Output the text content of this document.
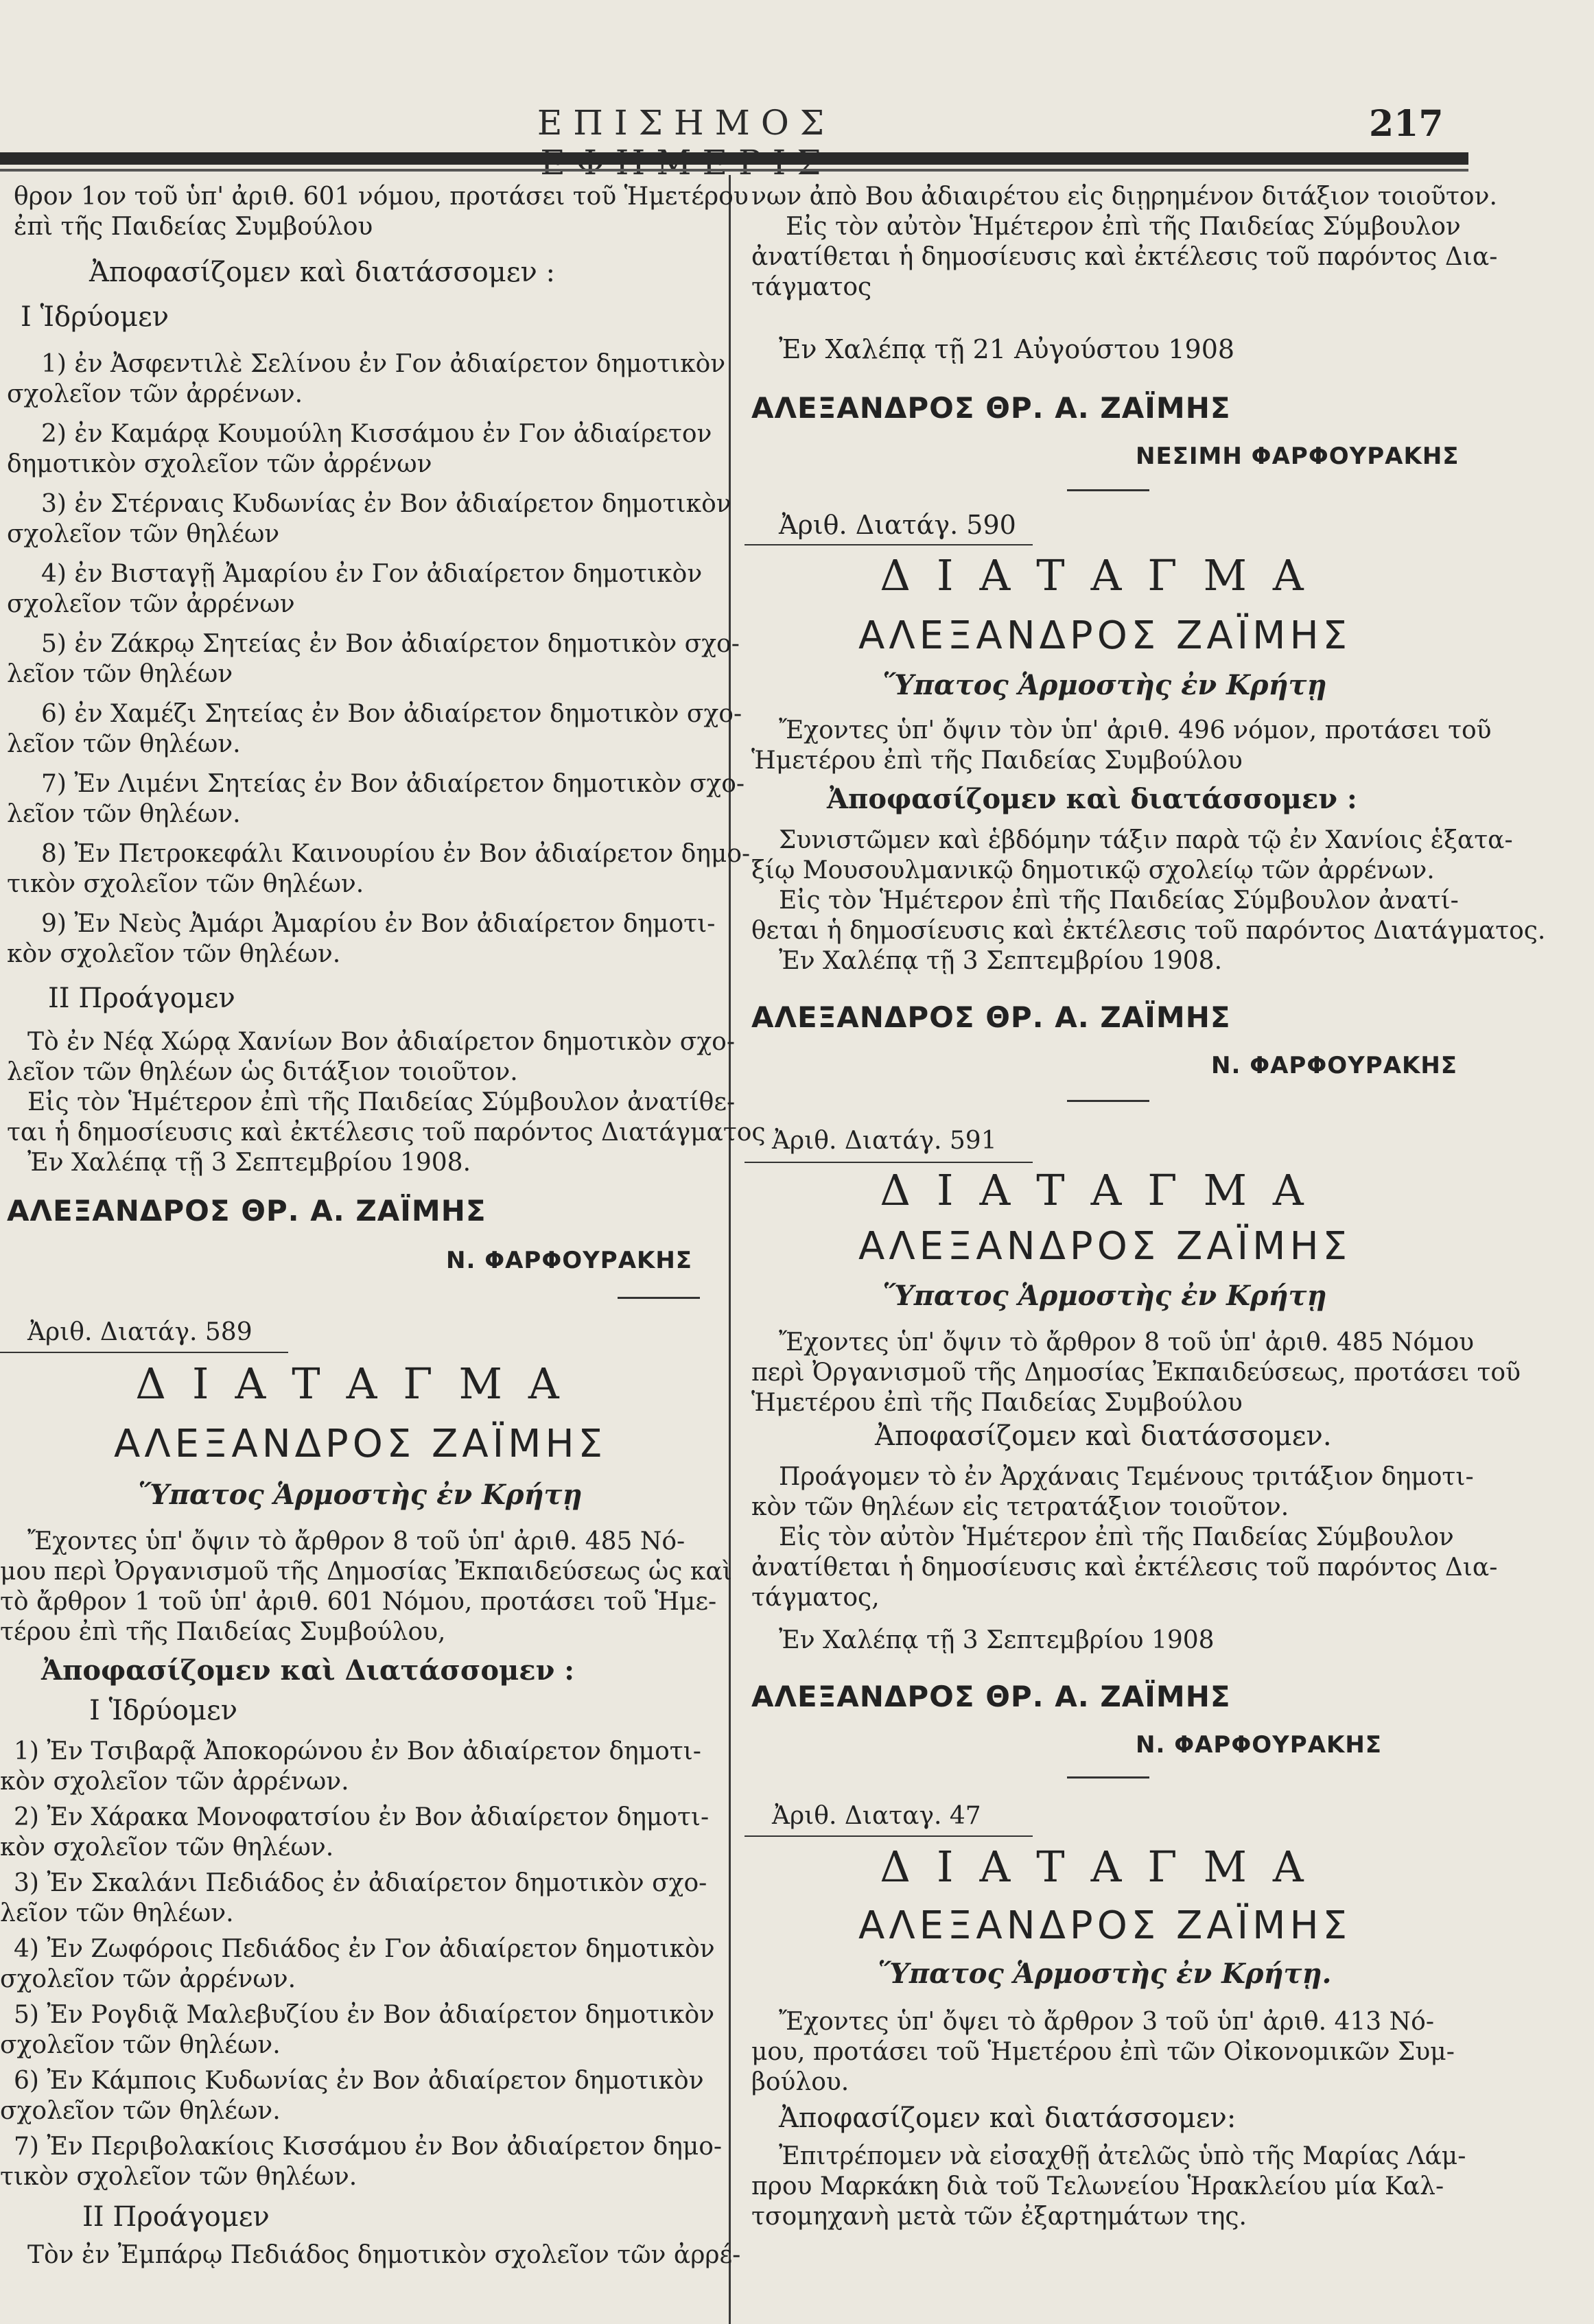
ΕΠΙΣΗΜΟΣ	217
θρον 1ον τοῦ ὑπ' ἀριθ. 601 νόμου, προτάσει τοῦ Ἡμετέρου
ἐπὶ τῆς Παιδείας Συμβούλου
Ἀποφασίζομεν καὶ διατάσσομεν :
Ι Ἱδρύομεν
1) ἐν Ἀσφεντιλὲ Σελίνου ἐν Γον ἀδιαίρετον δημοτικὸν
σχολεῖον τῶν ἀρρένων.
2) ἐν Καμάρᾳ Κουμούλη Κισσάμου ἐν Γον ἀδιαίρετον
δημοτικὸν σχολεῖον τῶν ἀρρένων
3) ἐν Στέρναις Κυδωνίας ἐν Βον ἀδιαίρετον δημοτικὸν
σχολεῖον τῶν θηλέων
4) ἐν Βισταγῇ Ἀμαρίου ἐν Γον ἀδιαίρετον δημοτικὸν
σχολεῖον τῶν ἀρρένων
5) ἐν Ζάκρῳ Σητείας ἐν Βον ἀδιαίρετον δημοτικὸν σχο-
λεῖον τῶν θηλέων
6) ἐν Χαμέζι Σητείας ἐν Βον ἀδιαίρετον δημοτικὸν σχο-
λεῖον τῶν θηλέων.
7) Ἐν Λιμένι Σητείας ἐν Βον ἀδιαίρετον δημοτικὸν σχο-
λεῖον τῶν θηλέων.
8) Ἐν Πετροκεφάλι Καινουρίου ἐν Βον ἀδιαίρετον δημο-
τικὸν σχολεῖον τῶν θηλέων.
9) Ἐν Νεὺς Ἀμάρι Ἀμαρίου ἐν Βον ἀδιαίρετον δημοτι-
κὸν σχολεῖον τῶν θηλέων.
ΙΙ Προάγομεν
Τὸ ἐν Νέᾳ Χώρᾳ Χανίων Βον ἀδιαίρετον δημοτικὸν σχο-
λεῖον τῶν θηλέων ὡς διτάξιον τοιοῦτον.
Εἰς τὸν Ἡμέτερον ἐπὶ τῆς Παιδείας Σύμβουλον ἀνατίθε-
ται ἡ δημοσίευσις καὶ ἐκτέλεσις τοῦ παρόντος Διατάγματος
Ἐν Χαλέπᾳ τῇ 3 Σεπτεμβρίου 1908.
ΑΛΕΞΑΝΔΡΟΣ ΘΡ. Α. ΖΑΪΜΗΣ
Ν. ΦΑΡΦΟΥΡΑΚΗΣ
Ἀριθ. Διατάγ. 589
ΔΙΑΤΑΓΜΑ
ΑΛΕΞΑΝΔΡΟΣ ΖΑΪΜΗΣ
Ὕπατος Ἁρμοστὴς ἐν Κρήτῃ
Ἔχοντες ὑπ' ὄψιν τὸ ἄρθρον 8 τοῦ ὑπ' ἀριθ. 485 Νό-
μου περὶ Ὀργανισμοῦ τῆς Δημοσίας Ἐκπαιδεύσεως ὡς καὶ
τὸ ἄρθρον 1 τοῦ ὑπ' ἀριθ. 601 Νόμου, προτάσει τοῦ Ἡμε-
τέρου ἐπὶ τῆς Παιδείας Συμβούλου,
Ἀποφασίζομεν καὶ Διατάσσομεν :
Ι Ἱδρύομεν
1) Ἐν Τσιβαρᾷ Ἀποκορώνου ἐν Βον ἀδιαίρετον δημοτι-
κὸν σχολεῖον τῶν ἀρρένων.
2) Ἐν Χάρακα Μονοφατσίου ἐν Βον ἀδιαίρετον δημοτι-
κὸν σχολεῖον τῶν θηλέων.
3) Ἐν Σκαλάνι Πεδιάδος ἐν ἀδιαίρετον δημοτικὸν σχο-
λεῖον τῶν θηλέων.
4) Ἐν Ζωφόροις Πεδιάδος ἐν Γον ἀδιαίρετον δημοτικὸν
σχολεῖον τῶν ἀρρένων.
5) Ἐν Ρογδιᾷ Μαλεβυζίου ἐν Βον ἀδιαίρετον δημοτικὸν
σχολεῖον τῶν θηλέων.
6) Ἐν Κάμποις Κυδωνίας ἐν Βον ἀδιαίρετον δημοτικὸν
σχολεῖον τῶν θηλέων.
7) Ἐν Περιβολακίοις Κισσάμου ἐν Βον ἀδιαίρετον δημο-
τικὸν σχολεῖον τῶν θηλέων.
ΙΙ Προάγομεν
Τὸν ἐν Ἐμπάρῳ Πεδιάδος δημοτικὸν σχολεῖον τῶν ἀρρέ-
νων ἀπὸ Βου ἀδιαιρέτου εἰς διῃρημένον διτάξιον τοιοῦτον.
Εἰς τὸν αὐτὸν Ἡμέτερον ἐπὶ τῆς Παιδείας Σύμβουλον
ἀνατίθεται ἡ δημοσίευσις καὶ ἐκτέλεσις τοῦ παρόντος Δια-
τάγματος
Ἐν Χαλέπᾳ τῇ 21 Αὐγούστου 1908
ΑΛΕΞΑΝΔΡΟΣ ΘΡ. Α. ΖΑΪΜΗΣ
ΝΕΣΙΜΗ ΦΑΡΦΟΥΡΑΚΗΣ
Ἀριθ. Διατάγ. 590
ΔΙΑΤΑΓΜΑ
ΑΛΕΞΑΝΔΡΟΣ ΖΑΪΜΗΣ
Ὕπατος Ἁρμοστὴς ἐν Κρήτῃ
Ἔχοντες ὑπ' ὄψιν τὸν ὑπ' ἀριθ. 496 νόμον, προτάσει τοῦ
Ἡμετέρου ἐπὶ τῆς Παιδείας Συμβούλου
Ἀποφασίζομεν καὶ διατάσσομεν :
Συνιστῶμεν καὶ ἑβδόμην τάξιν παρὰ τῷ ἐν Χανίοις ἑξατα-
ξίῳ Μουσουλμανικῷ δημοτικῷ σχολείῳ τῶν ἀρρένων.
Εἰς τὸν Ἡμέτερον ἐπὶ τῆς Παιδείας Σύμβουλον ἀνατί-
θεται ἡ δημοσίευσις καὶ ἐκτέλεσις τοῦ παρόντος Διατάγματος.
Ἐν Χαλέπᾳ τῇ 3 Σεπτεμβρίου 1908.
ΑΛΕΞΑΝΔΡΟΣ ΘΡ. Α. ΖΑΪΜΗΣ
Ν. ΦΑΡΦΟΥΡΑΚΗΣ
Ἀριθ. Διατάγ. 591
ΔΙΑΤΑΓΜΑ
ΑΛΕΞΑΝΔΡΟΣ ΖΑΪΜΗΣ
Ὕπατος Ἁρμοστὴς ἐν Κρήτῃ
Ἔχοντες ὑπ' ὄψιν τὸ ἄρθρον 8 τοῦ ὑπ' ἀριθ. 485 Νόμου
περὶ Ὀργανισμοῦ τῆς Δημοσίας Ἐκπαιδεύσεως, προτάσει τοῦ
Ἡμετέρου ἐπὶ τῆς Παιδείας Συμβούλου
Ἀποφασίζομεν καὶ διατάσσομεν.
Προάγομεν τὸ ἐν Ἀρχάναις Τεμένους τριτάξιον δημοτι-
κὸν τῶν θηλέων εἰς τετρατάξιον τοιοῦτον.
Εἰς τὸν αὐτὸν Ἡμέτερον ἐπὶ τῆς Παιδείας Σύμβουλον
ἀνατίθεται ἡ δημοσίευσις καὶ ἐκτέλεσις τοῦ παρόντος Δια-
τάγματος,
Ἐν Χαλέπᾳ τῇ 3 Σεπτεμβρίου 1908
ΑΛΕΞΑΝΔΡΟΣ ΘΡ. Α. ΖΑΪΜΗΣ
Ν. ΦΑΡΦΟΥΡΑΚΗΣ
Ἀριθ. Διαταγ. 47
ΔΙΑΤΑΓΜΑ
ΑΛΕΞΑΝΔΡΟΣ ΖΑΪΜΗΣ
Ὕπατος Ἁρμοστὴς ἐν Κρήτῃ.
Ἔχοντες ὑπ' ὄψει τὸ ἄρθρον 3 τοῦ ὑπ' ἀριθ. 413 Νό-
μου, προτάσει τοῦ Ἡμετέρου ἐπὶ τῶν Οἰκονομικῶν Συμ-
βούλου.
Ἀποφασίζομεν καὶ διατάσσομεν:
Ἐπιτρέπομεν νὰ εἰσαχθῇ ἀτελῶς ὑπὸ τῆς Μαρίας Λάμ-
πρου Μαρκάκη διὰ τοῦ Τελωνείου Ἡρακλείου μία Καλ-
τσομηχανὴ μετὰ τῶν ἐξαρτημάτων της.
